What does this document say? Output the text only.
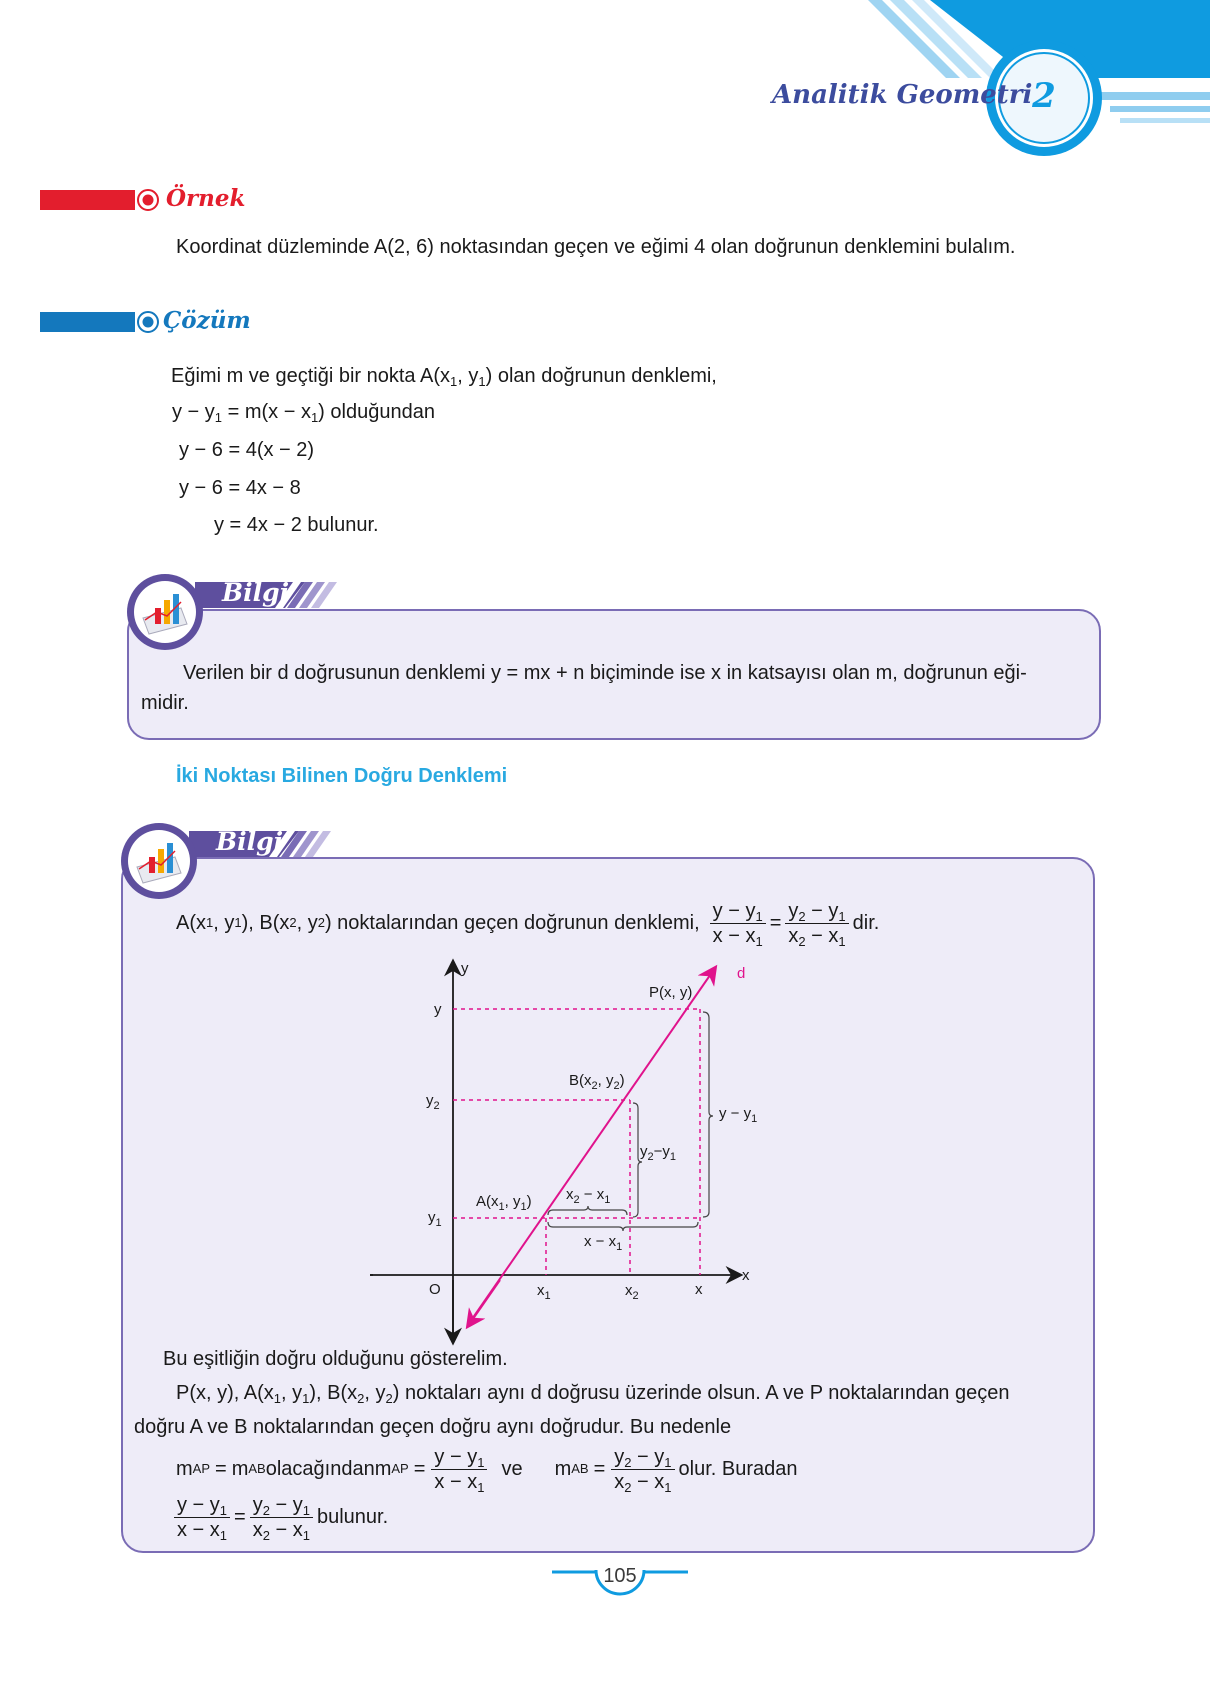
Analitik Geometri 2
Örnek
Koordinat düzleminde A(2, 6) noktasından geçen ve eğimi 4 olan doğrunun denklemini bulalım.
Çözüm
Eğimi m ve geçtiği bir nokta $A(x_1$, $y_1$) olan doğrunun denklemi,
$y - y_1 = m(x - x_1)$ olduğundan
y − 6 = 4(x − 2)
y − 6 = 4x − 8
y = 4x − 2 bulunur.
Bilgi
Verilen bir d doğrusunun denklemi y = mx + n biçiminde ise x in katsayısı olan m, doğrunun eği-
midir.
İki Noktası Bilinen Doğru Denklemi
Bilgi
A(x 1 , y 1 ), B(x 2 , y 2 ) noktalarından geçen doğrunun denklemi, $\frac{y - y_1}{x - x_1} = \frac{y_2 - y_1}{x_2 - x_1}$ dir.
y
x
O
d
y
$y_2$
$y_1$
$x_1$	$x_2$	x
P(x, y)
$B(x_2$, $y_2$)
$A(x_1$, $y_1$)
$y_2-y_1$
$y - y_1$
$x_2 - x_1$
$x - x_1$
Bu eşitliğin doğru olduğunu gösterelim.
P(x, y), $A(x_1$, $y_1$), $B(x_2$, $y_2$) noktaları aynı d doğrusu üzerinde olsun. A ve P noktalarından geçen
doğru A ve B noktalarından geçen doğru aynı doğrudur. Bu nedenle
m AP = m AB olacağından m AP = $\frac{y - y_1}{x - x_1}$ ve m AB = $\frac{y_2 - y_1}{x_2 - x_1}$ olur. Buradan
$\frac{y - y_1}{x - x_1} = \frac{y_2 - y_1}{x_2 - x_1}$ bulunur.
105
